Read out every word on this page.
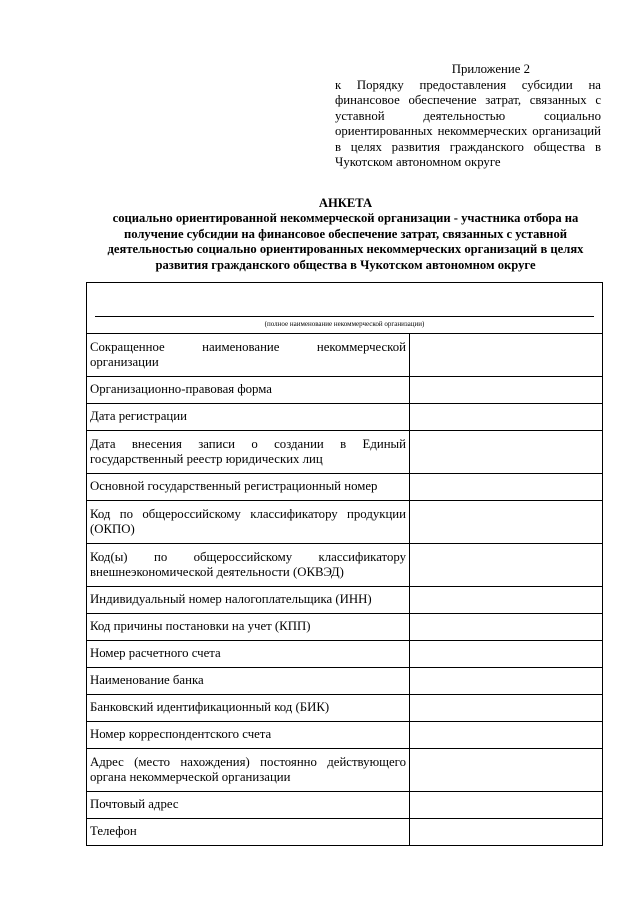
Приложение 2
к Порядку предоставления субсидии на финансовое обеспечение затрат, связанных с уставной деятельностью социально ориентированных некоммерческих организаций в целях развития гражданского общества в Чукотском автономном округе
АНКЕТА
социально ориентированной некоммерческой организации - участника отбора на получение субсидии на финансовое обеспечение затрат, связанных с уставной деятельностью социально ориентированных некоммерческих организаций в целях развития гражданского общества в Чукотском автономном округе
(полное наименование некоммерческой организации)	

Сокращенное наименование некоммерческой организации	
Организационно-правовая форма	
Дата регистрации	
Дата внесения записи о создании в Единый государственный реестр юридических лиц	
Основной государственный регистрационный номер	
Код по общероссийскому классификатору продукции (ОКПО)	
Код(ы) по общероссийскому классификатору внешнеэкономической деятельности (ОКВЭД)	
Индивидуальный номер налогоплательщика (ИНН)	
Код причины постановки на учет (КПП)	
Номер расчетного счета	
Наименование банка	
Банковский идентификационный код (БИК)	
Номер корреспондентского счета	
Адрес (место нахождения) постоянно действующего органа некоммерческой организации	
Почтовый адрес	
Телефон	
